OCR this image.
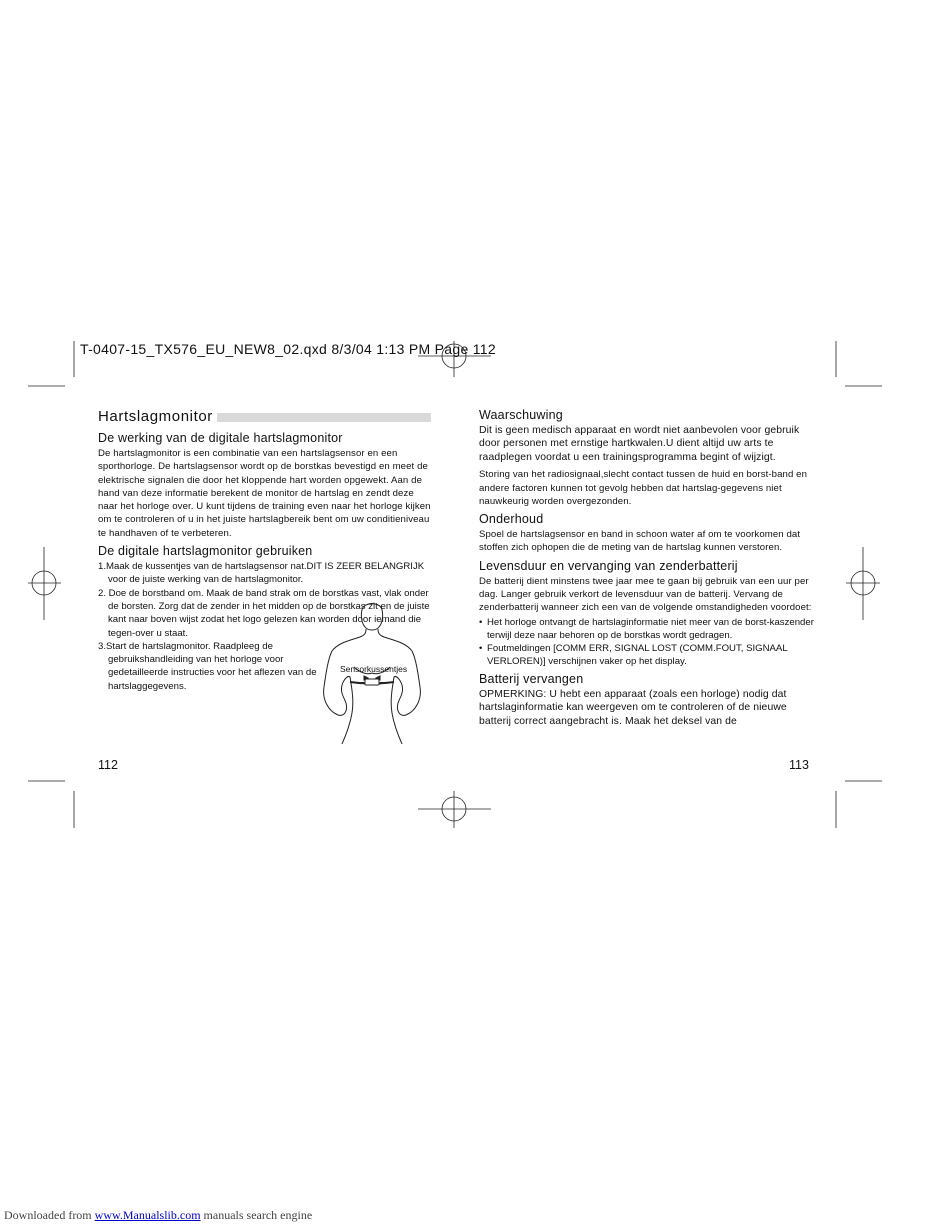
T-0407-15_TX576_EU_NEW8_02.qxd 8/3/04 1:13 PM Page 112
Hartslagmonitor
De werking van de digitale hartslagmonitor

De hartslagmonitor is een combinatie van een hartslagsensor en een sporthorloge. De hartslagsensor wordt op de borstkas bevestigd en meet de elektrische signalen die door het kloppende hart worden opgewekt. Aan de hand van deze informatie berekent de monitor de hartslag en zendt deze naar het horloge over. U kunt tijdens de training even naar het horloge kijken om te controleren of u in het juiste hartslagbereik bent om uw conditieniveau te handhaven of te verbeteren.

De digitale hartslagmonitor gebruiken
1.Maak de kussentjes van de hartslagsensor nat.DIT IS ZEER BELANGRIJK voor de juiste werking van de hartslagmonitor.
2. Doe de borstband om. Maak de band strak om de borstkas vast, vlak onder de borsten. Zorg dat de zender in het midden op de borstkas zit en de juiste kant naar boven wijst zodat het logo gelezen kan worden door iemand die tegen-over u staat.
3.Start de hartslagmonitor. Raadpleeg de gebruikshandleiding van het horloge voor gedetailleerde instructies voor het aflezen van de hartslaggegevens.
Sensorkussentjes
112
Waarschuwing

Dit is geen medisch apparaat en wordt niet aanbevolen voor gebruik door personen met ernstige hartkwalen.U dient altijd uw arts te raadplegen voordat u een trainingsprogramma begint of wijzigt.

Storing van het radiosignaal,slecht contact tussen de huid en borst-band en andere factoren kunnen tot gevolg hebben dat hartslag-gegevens niet nauwkeurig worden overgezonden.

Onderhoud

Spoel de hartslagsensor en band in schoon water af om te voorkomen dat stoffen zich ophopen die de meting van de hartslag kunnen verstoren.

Levensduur en vervanging van zenderbatterij

De batterij dient minstens twee jaar mee te gaan bij gebruik van een uur per dag. Langer gebruik verkort de levensduur van de batterij. Vervang de zenderbatterij wanneer zich een van de volgende omstandigheden voordoet:

• Het horloge ontvangt de hartslaginformatie niet meer van de borst-kaszender terwijl deze naar behoren op de borstkas wordt gedragen.
• Foutmeldingen [COMM ERR, SIGNAL LOST (COMM.FOUT, SIGNAAL VERLOREN)] verschijnen vaker op het display.
Batterij vervangen

OPMERKING: U hebt een apparaat (zoals een horloge) nodig dat hartslaginformatie kan weergeven om te controleren of de nieuwe batterij correct aangebracht is. Maak het deksel van de

113
Downloaded from www.Manualslib.com manuals search engine
